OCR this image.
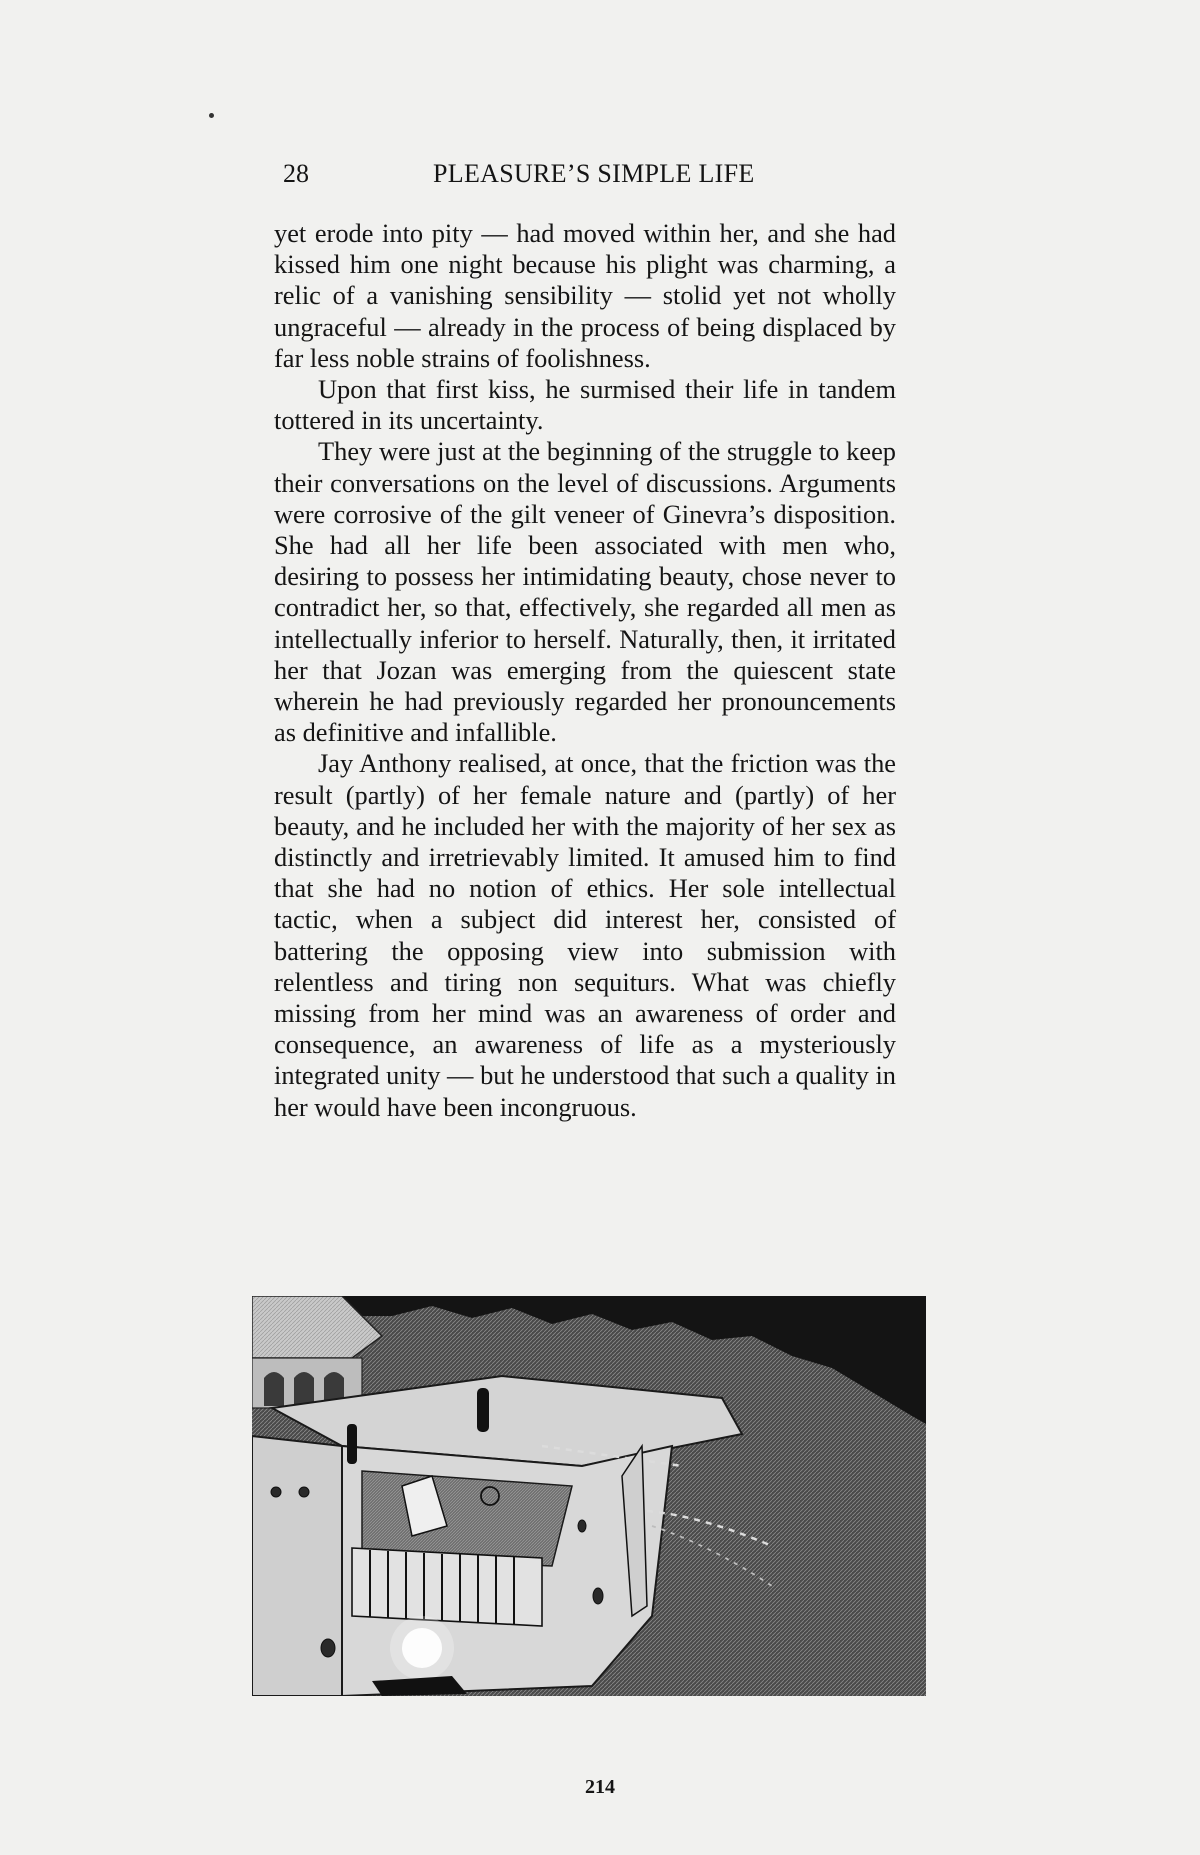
28	PLEASURE’S SIMPLE LIFE

yet erode into pity — had moved within her, and she had kissed him one night because his plight was charming, a relic of a vanishing sensibility — stolid yet not wholly ungraceful — already in the process of being displaced by far less noble strains of foolishness.

Upon that first kiss, he surmised their life in tandem tottered in its uncertainty.

They were just at the beginning of the struggle to keep their conversations on the level of discussions. Arguments were corrosive of the gilt veneer of Ginevra’s disposition. She had all her life been associated with men who, desiring to possess her intimidating beauty, chose never to contradict her, so that, effectively, she regarded all men as intellectually inferior to herself. Naturally, then, it irritated her that Jozan was emerging from the quiescent state wherein he had previously regarded her pronouncements as definitive and infallible.

Jay Anthony realised, at once, that the friction was the result (partly) of her female nature and (partly) of her beauty, and he included her with the majority of her sex as distinctly and irretrievably limited. It amused him to find that she had no notion of ethics. Her sole intellectual tactic, when a subject did interest her, consisted of battering the opposing view into submission with relentless and tiring non sequiturs. What was chiefly missing from her mind was an awareness of order and consequence, an awareness of life as a mysteriously integrated unity — but he understood that such a quality in her would have been incongruous.

214
